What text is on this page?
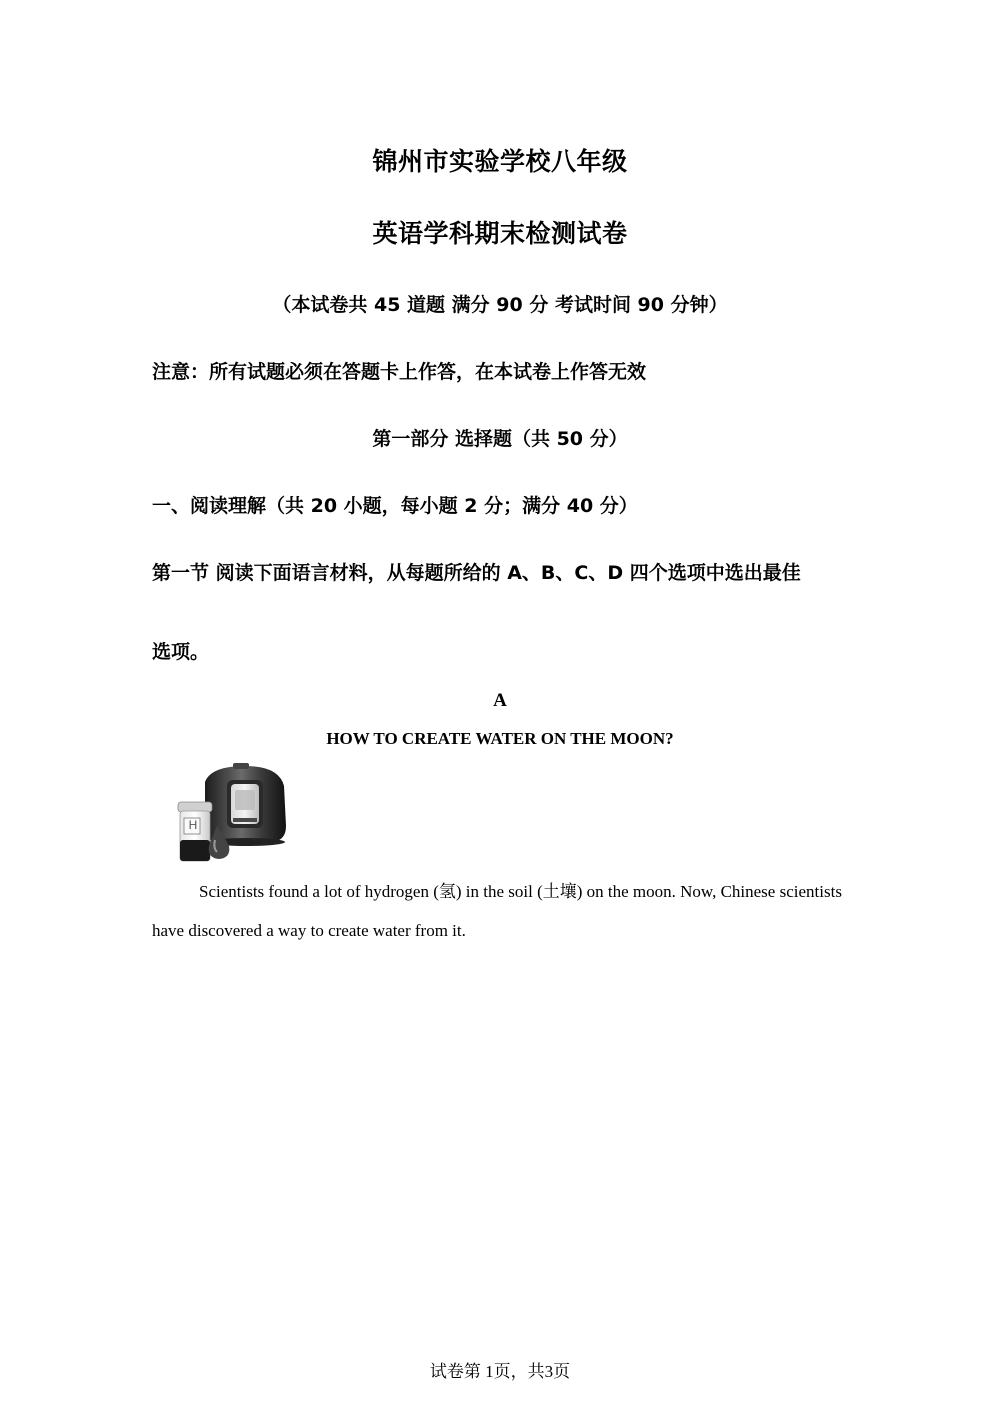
锦州市实验学校八年级
英语学科期末检测试卷
（本试卷共 45 道题 满分 90 分 考试时间 90 分钟）
注意：所有试题必须在答题卡上作答，在本试卷上作答无效
第一部分 选择题（共 50 分）
一、阅读理解（共 20 小题，每小题 2 分；满分 40 分）
第一节 阅读下面语言材料，从每题所给的 A、B、C、D 四个选项中选出最佳
选项。
A
HOW TO CREATE WATER ON THE MOON?
H
Scientists found a lot of hydrogen (氢) in the soil (土壤) on the moon. Now, Chinese scientists have discovered a way to create water from it.
试卷第 1页，共3页
